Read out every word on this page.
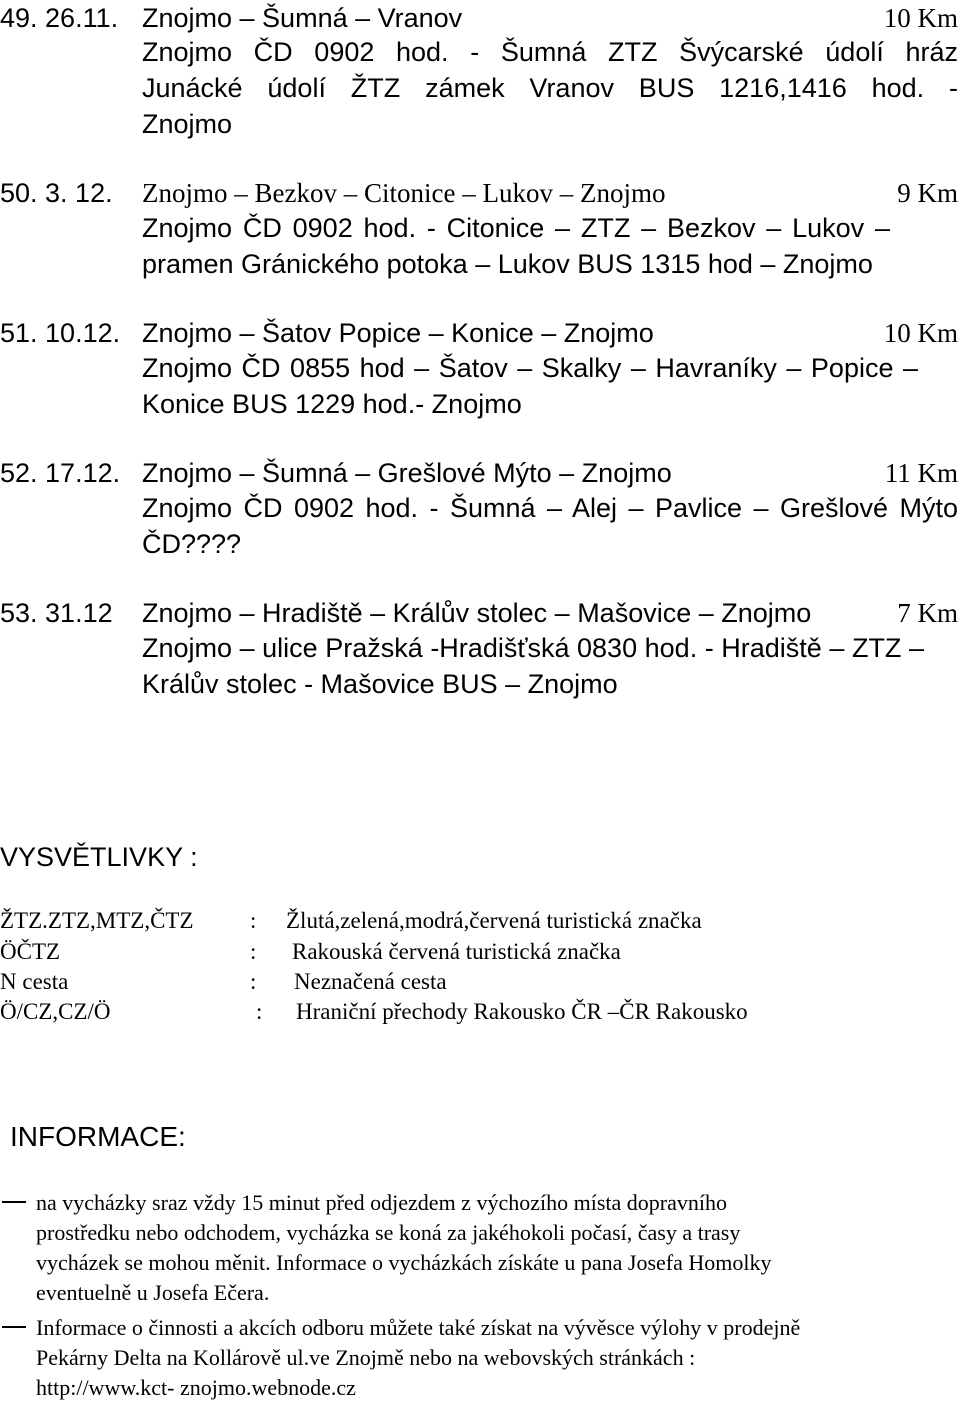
49. 26.11. Znojmo – Šumná – Vranov	10 Km
Znojmo ČD 0902 hod. - Šumná ZTZ Švýcarské údolí hráz
Junácké údolí ŽTZ zámek Vranov BUS 1216,1416 hod. -
Znojmo
50. 3. 12. Znojmo – Bezkov – Citonice – Lukov – Znojmo	9 Km
Znojmo ČD 0902 hod. - Citonice – ZTZ – Bezkov – Lukov –
pramen Gránického potoka – Lukov BUS 1315 hod – Znojmo
51. 10.12. Znojmo – Šatov Popice – Konice – Znojmo	10 Km
Znojmo ČD 0855 hod – Šatov – Skalky – Havraníky – Popice –
Konice BUS 1229 hod.- Znojmo
52. 17.12. Znojmo – Šumná – Grešlové Mýto – Znojmo	11 Km
Znojmo ČD 0902 hod. - Šumná – Alej – Pavlice – Grešlové Mýto
ČD????
53. 31.12 Znojmo – Hradiště – Králův stolec – Mašovice – Znojmo	7 Km
Znojmo – ulice Pražská -Hradišťská 0830 hod. - Hradiště – ZTZ –
Králův stolec - Mašovice BUS – Znojmo
VYSVĚTLIVKY :
ŽTZ.ZTZ,MTZ,ČTZ : Žlutá,zelená,modrá,červená turistická značka
ÖČTZ	: Rakouská červená turistická značka
N cesta	: Neznačená cesta
Ö/CZ,CZ/Ö	: Hraniční přechody Rakousko ČR –ČR Rakousko
INFORMACE:
na vycházky sraz vždy 15 minut před odjezdem z výchozího místa dopravního
prostředku nebo odchodem, vycházka se koná za jakéhokoli počasí, časy a trasy
vycházek se mohou měnit. Informace o vycházkách získáte u pana Josefa Homolky
eventuelně u Josefa Ečera.
Informace o činnosti a akcích odboru můžete také získat na vývěsce výlohy v prodejně
Pekárny Delta na Kollárově ul.ve Znojmě nebo na webovských stránkách :
http://www.kct- znojmo.webnode.cz
